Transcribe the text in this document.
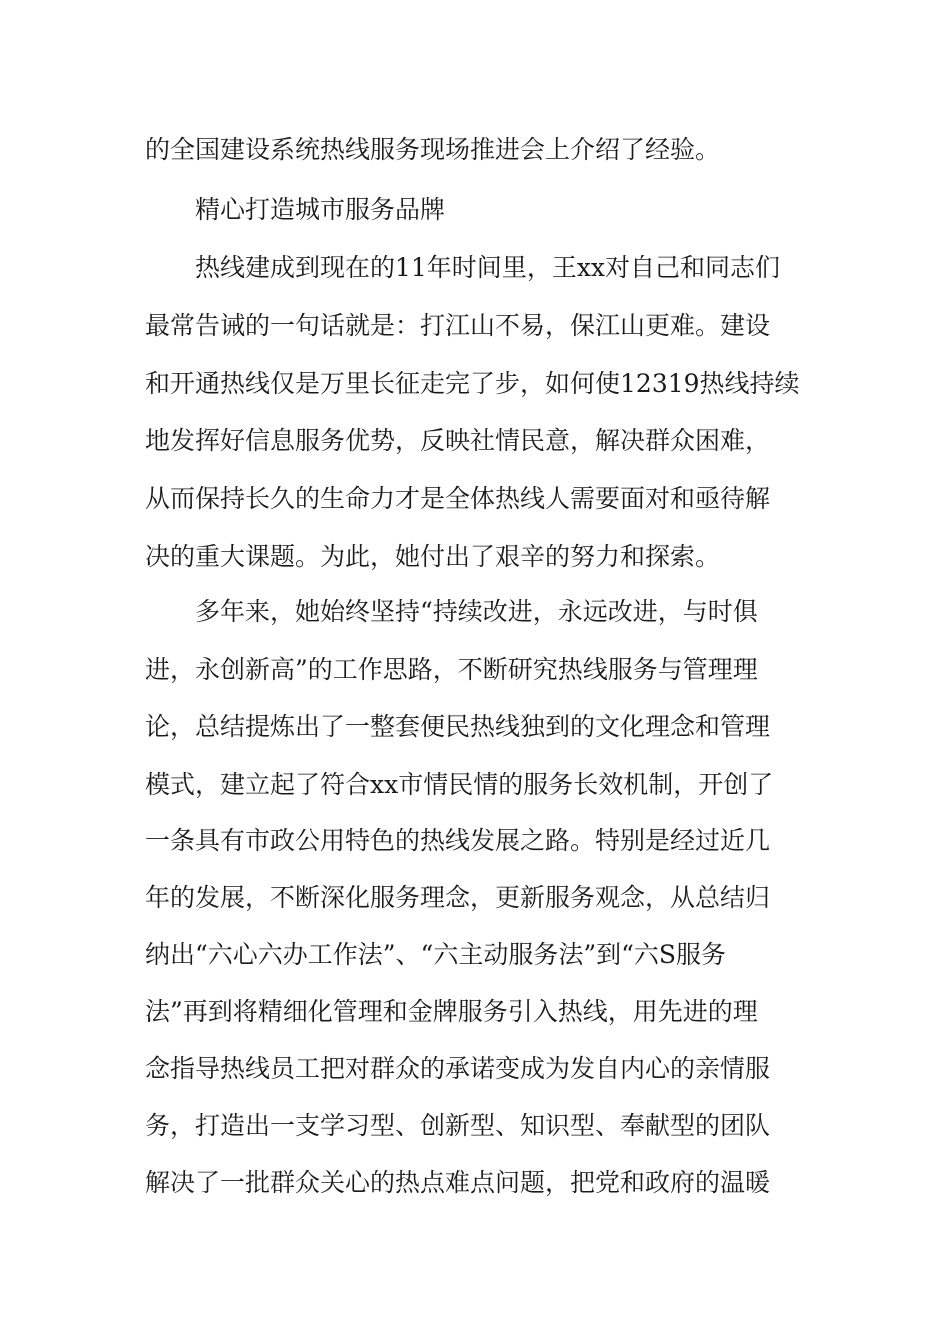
的全国建设系统热线服务现场推进会上介绍了经验。
精心打造城市服务品牌
热线建成到现在的11年时间里，王xx对自己和同志们
最常告诫的一句话就是：打江山不易，保江山更难。建设
和开通热线仅是万里长征走完了步，如何使12319热线持续
地发挥好信息服务优势，反映社情民意，解决群众困难，
从而保持长久的生命力才是全体热线人需要面对和亟待解
决的重大课题。为此，她付出了艰辛的努力和探索。
多年来，她始终坚持“持续改进，永远改进，与时俱
进，永创新高”的工作思路，不断研究热线服务与管理理
论，总结提炼出了一整套便民热线独到的文化理念和管理
模式，建立起了符合xx市情民情的服务长效机制，开创了
一条具有市政公用特色的热线发展之路。特别是经过近几
年的发展，不断深化服务理念，更新服务观念，从总结归
纳出“六心六办工作法”、“六主动服务法”到“六S服务
法”再到将精细化管理和金牌服务引入热线，用先进的理
念指导热线员工把对群众的承诺变成为发自内心的亲情服
务，打造出一支学习型、创新型、知识型、奉献型的团队
解决了一批群众关心的热点难点问题，把党和政府的温暖
